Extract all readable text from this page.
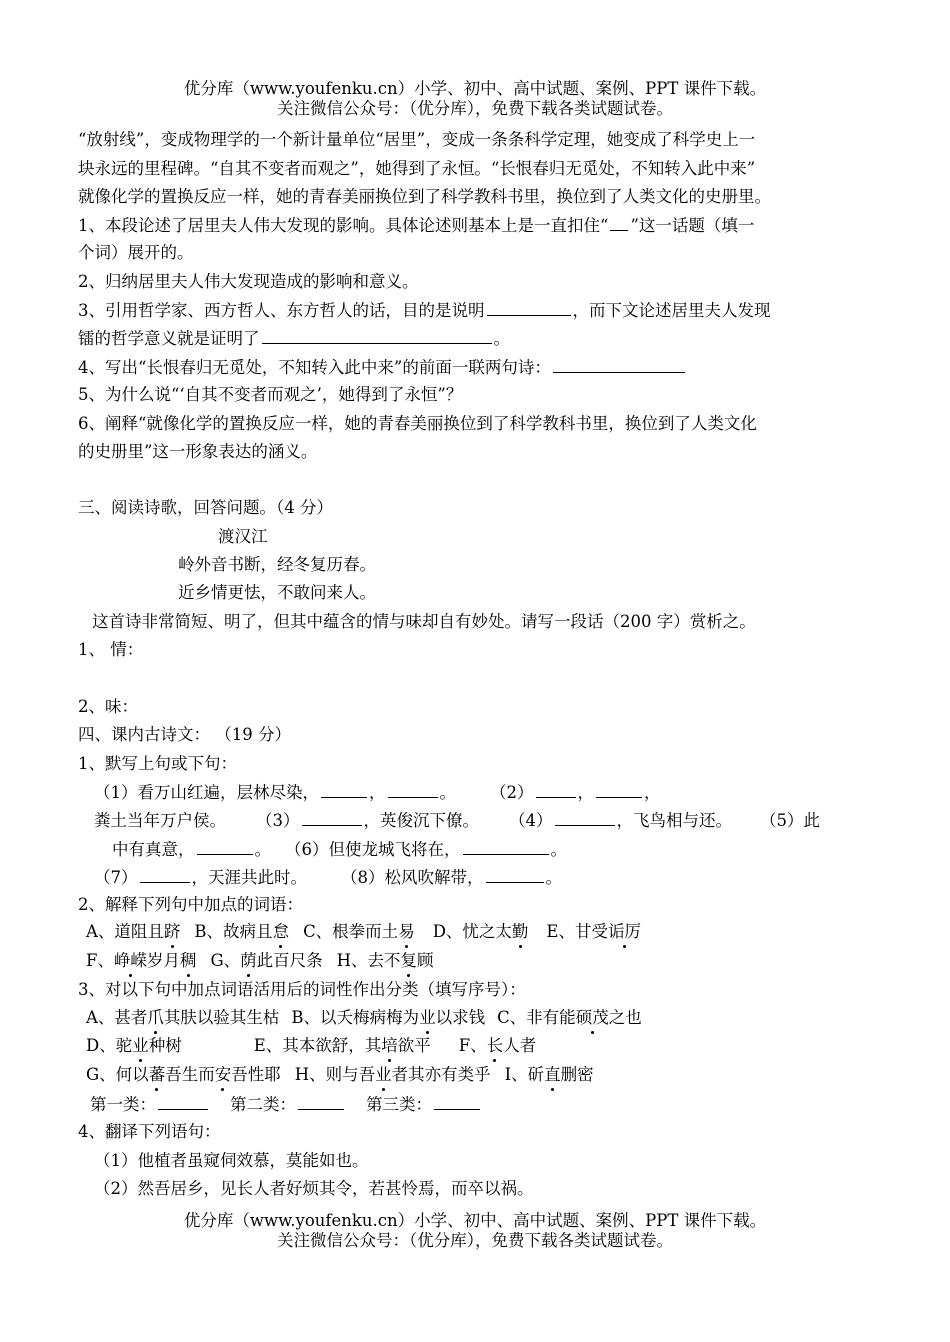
优分库（www.youfenku.cn）小学、初中、高中试题、案例、PPT 课件下载。
关注微信公众号：（优分库），免费下载各类试题试卷。
“放射线”，变成物理学的一个新计量单位“居里”，变成一条条科学定理，她变成了科学史上一
块永远的里程碑。“自其不变者而观之”，她得到了永恒。“长恨春归无觅处，不知转入此中来”
就像化学的置换反应一样，她的青春美丽换位到了科学教科书里，换位到了人类文化的史册里。
1、本段论述了居里夫人伟大发现的影响。具体论述则基本上是一直扣住“ ”这一话题（填一
个词）展开的。
2、归纳居里夫人伟大发现造成的影响和意义。
3、引用哲学家、西方哲人、东方哲人的话，目的是说明	，而下文论述居里夫人发现
镭的哲学意义就是证明了	。
4、写出“长恨春归无觅处，不知转入此中来”的前面一联两句诗：
5、为什么说“‘自其不变者而观之’，她得到了永恒”？
6、阐释“就像化学的置换反应一样，她的青春美丽换位到了科学教科书里，换位到了人类文化
的史册里”这一形象表达的涵义。
三、阅读诗歌，回答问题。（4 分）
渡汉江
岭外音书断，经冬复历春。
近乡情更怯，不敢问来人。
这首诗非常简短、明了，但其中蕴含的情与味却自有妙处。请写一段话（200 字）赏析之。
1、 情：
2、味：
四、课内古诗文： （19 分）
1、默写上句或下句：
（1）看万山红遍，层林尽染，	，	。 （2）	，	，
粪土当年万户侯。 （3）	，英俊沉下僚。 （4）	，飞鸟相与还。 （5）此
中有真意，	。 （6）但使龙城飞将在，	。
（7）	，天涯共此时。 （8）松风吹解带，	。
2、解释下列句中加点的词语：
A、道阻且跻 B、故病且怠 C、根拳而土易 D、忧之太勤 E、甘受诟厉
F、峥嵘岁月稠 G、荫此百尺条 H、去不复顾
3、对以下句中加点词语活用后的词性作出分类（填写序号）：
A、甚者爪其肤以验其生枯 B、以夭梅病梅为业以求钱 C、非有能硕茂之也
D、驼业种树	E、其本欲舒，其培欲平 F、长人者
G、何以蕃吾生而安吾性耶 H、则与吾业者其亦有类乎 I、斫直删密
第一类：	第二类：	第三类：
4、翻译下列语句：
（1）他植者虽窥伺效慕，莫能如也。
（2）然吾居乡，见长人者好烦其令，若甚怜焉，而卒以祸。
优分库（www.youfenku.cn）小学、初中、高中试题、案例、PPT 课件下载。
关注微信公众号：（优分库），免费下载各类试题试卷。
